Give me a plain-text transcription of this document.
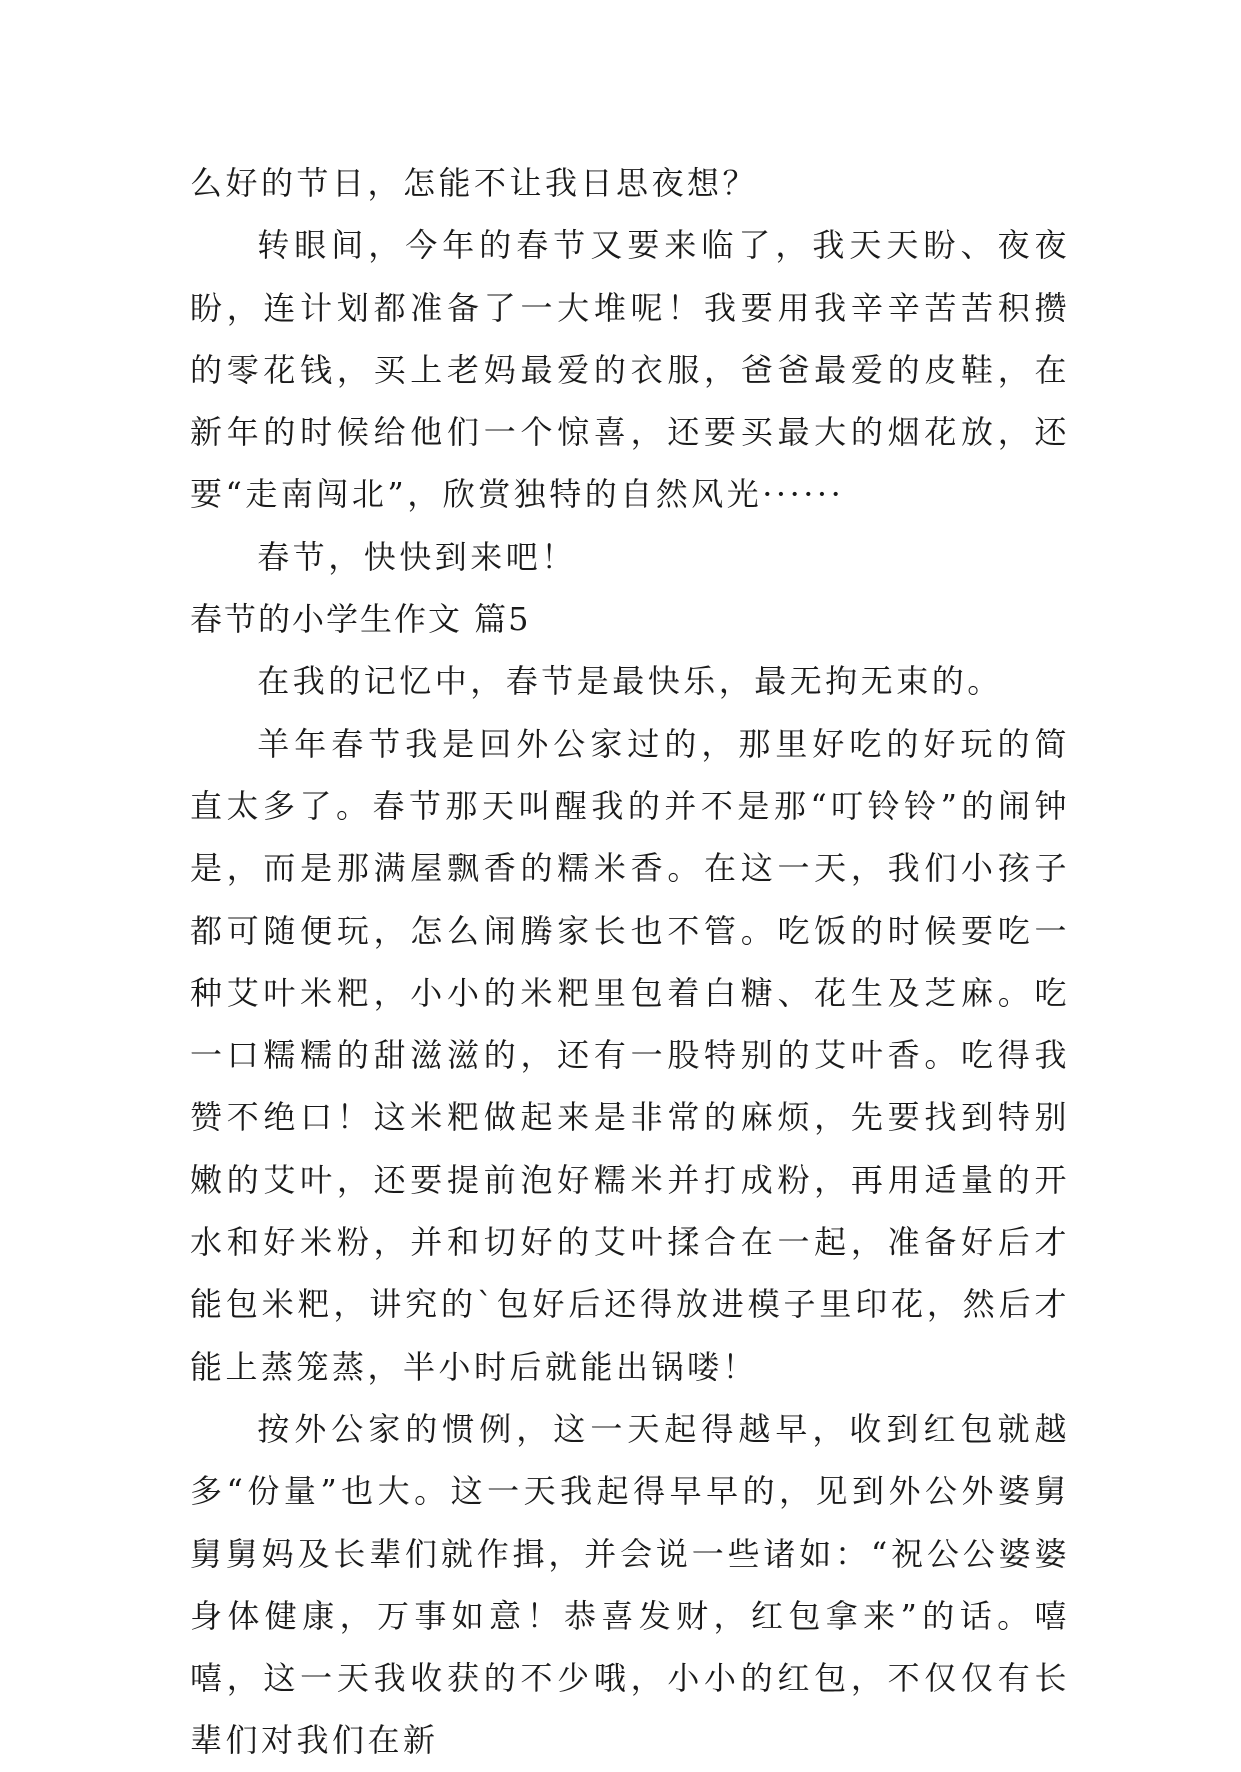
么好的节日，怎能不让我日思夜想？

转眼间，今年的春节又要来临了，我天天盼、夜夜盼，连计划都准备了一大堆呢！我要用我辛辛苦苦积攒的零花钱，买上老妈最爱的衣服，爸爸最爱的皮鞋，在新年的时候给他们一个惊喜，还要买最大的烟花放，还要“走南闯北”，欣赏独特的自然风光······

春节，快快到来吧！

春节的小学生作文 篇5

在我的记忆中，春节是最快乐，最无拘无束的。

羊年春节我是回外公家过的，那里好吃的好玩的简直太多了。春节那天叫醒我的并不是那“叮铃铃”的闹钟是，而是那满屋飘香的糯米香。在这一天，我们小孩子都可随便玩，怎么闹腾家长也不管。吃饭的时候要吃一种艾叶米粑，小小的米粑里包着白糖、花生及芝麻。吃一口糯糯的甜滋滋的，还有一股特别的艾叶香。吃得我赞不绝口！这米粑做起来是非常的麻烦，先要找到特别嫩的艾叶，还要提前泡好糯米并打成粉，再用适量的开水和好米粉，并和切好的艾叶揉合在一起，准备好后才能包米粑，讲究的`包好后还得放进模子里印花，然后才能上蒸笼蒸，半小时后就能出锅喽！

按外公家的惯例，这一天起得越早，收到红包就越多“份量”也大。这一天我起得早早的，见到外公外婆舅舅舅妈及长辈们就作揖，并会说一些诸如：“祝公公婆婆身体健康，万事如意！恭喜发财，红包拿来”的话。嘻嘻，这一天我收获的不少哦，小小的红包，不仅仅有长辈们对我们在新
